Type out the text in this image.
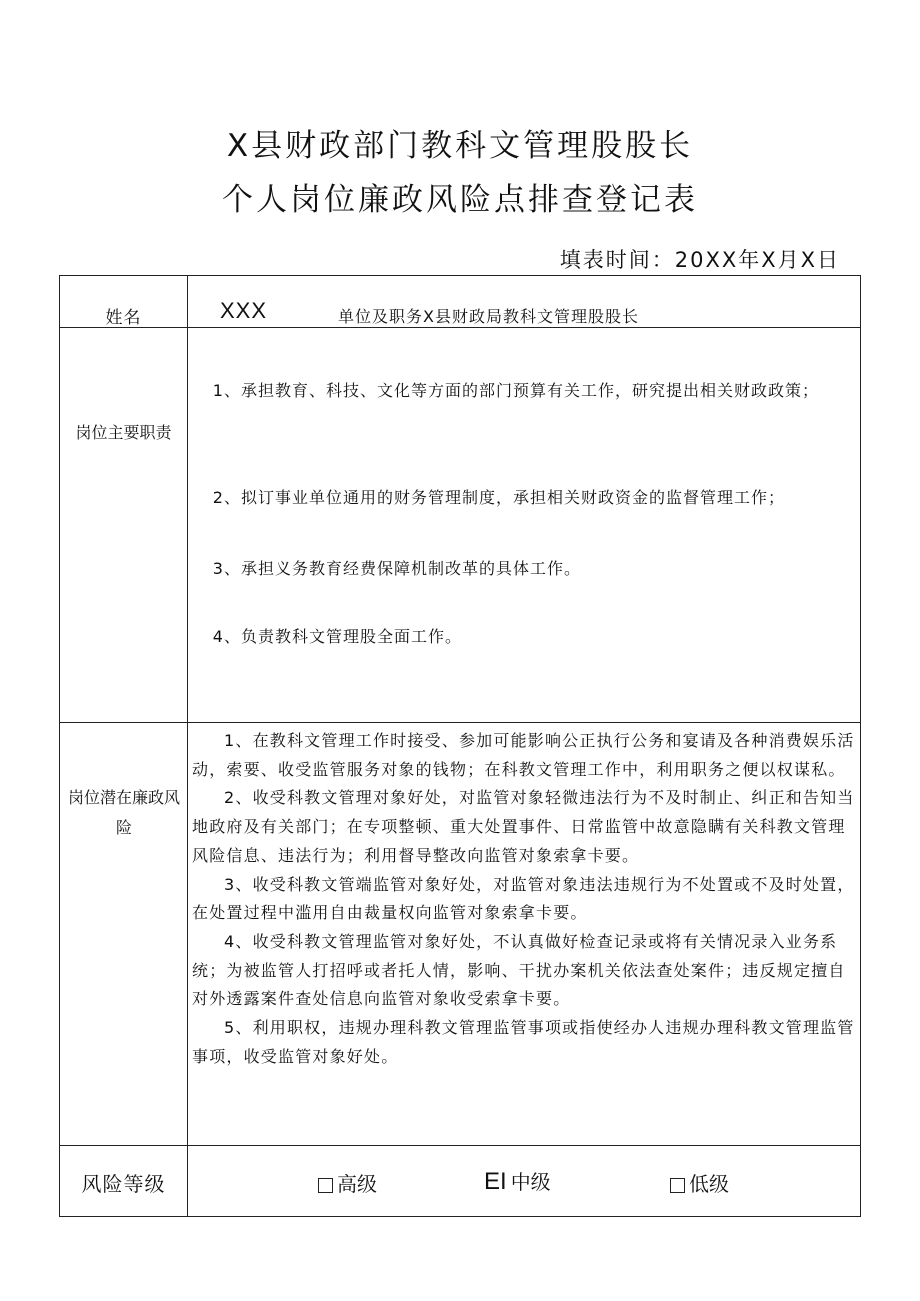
X县财政部门教科文管理股股长
个人岗位廉政风险点排查登记表
填表时间：20XX年X月X日
姓名	XXX	单位及职务X县财政局教科文管理股股长
岗位主要职责
1、承担教育、科技、文化等方面的部门预算有关工作，研究提出相关财政政策；
2、拟订事业单位通用的财务管理制度，承担相关财政资金的监督管理工作；
3、承担义务教育经费保障机制改革的具体工作。
4、负责教科文管理股全面工作。
岗位潜在廉政风险

1、在教科文管理工作时接受、参加可能影响公正执行公务和宴请及各种消费娱乐活动，索要、收受监管服务对象的钱物；在科教文管理工作中，利用职务之便以权谋私。

2、收受科教文管理对象好处，对监管对象轻微违法行为不及时制止、纠正和告知当地政府及有关部门；在专项整顿、重大处置事件、日常监管中故意隐瞒有关科教文管理风险信息、违法行为；利用督导整改向监管对象索拿卡要。

3、收受科教文管端监管对象好处，对监管对象违法违规行为不处置或不及时处置，在处置过程中滥用自由裁量权向监管对象索拿卡要。

4、收受科教文管理监管对象好处，不认真做好检查记录或将有关情况录入业务系统；为被监管人打招呼或者托人情，影响、干扰办案机关依法查处案件；违反规定擅自对外透露案件查处信息向监管对象收受索拿卡要。

5、利用职权，违规办理科教文管理监管事项或指使经办人违规办理科教文管理监管事项，收受监管对象好处。

风险等级	高级	EI 中级	低级
